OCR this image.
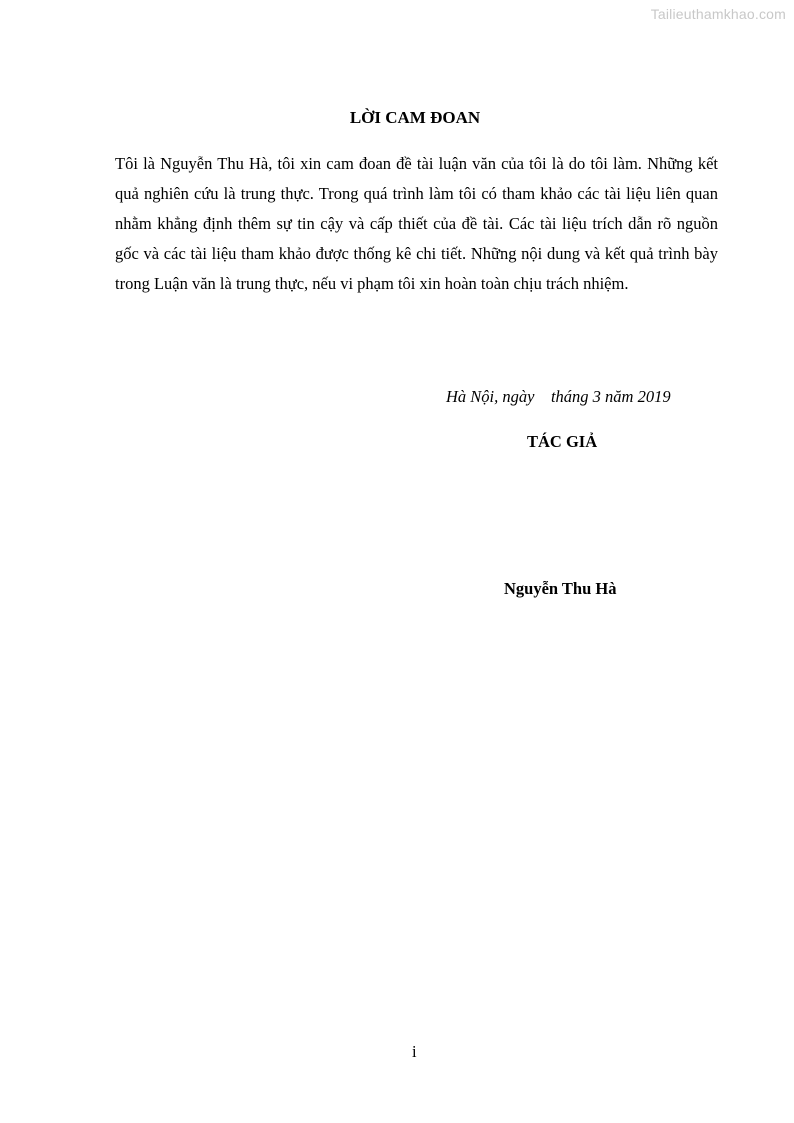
Tailieuthamkhao.com
LỜI CAM ĐOAN

Tôi là Nguyễn Thu Hà, tôi xin cam đoan đề tài luận văn của tôi là do tôi làm. Những kết quả nghiên cứu là trung thực. Trong quá trình làm tôi có tham khảo các tài liệu liên quan nhằm khẳng định thêm sự tin cậy và cấp thiết của đề tài. Các tài liệu trích dẫn rõ nguồn gốc và các tài liệu tham khảo được thống kê chi tiết. Những nội dung và kết quả trình bày trong Luận văn là trung thực, nếu vi phạm tôi xin hoàn toàn chịu trách nhiệm.

Hà Nội, ngày    tháng 3 năm 2019
TÁC GIẢ
Nguyễn Thu Hà
i
